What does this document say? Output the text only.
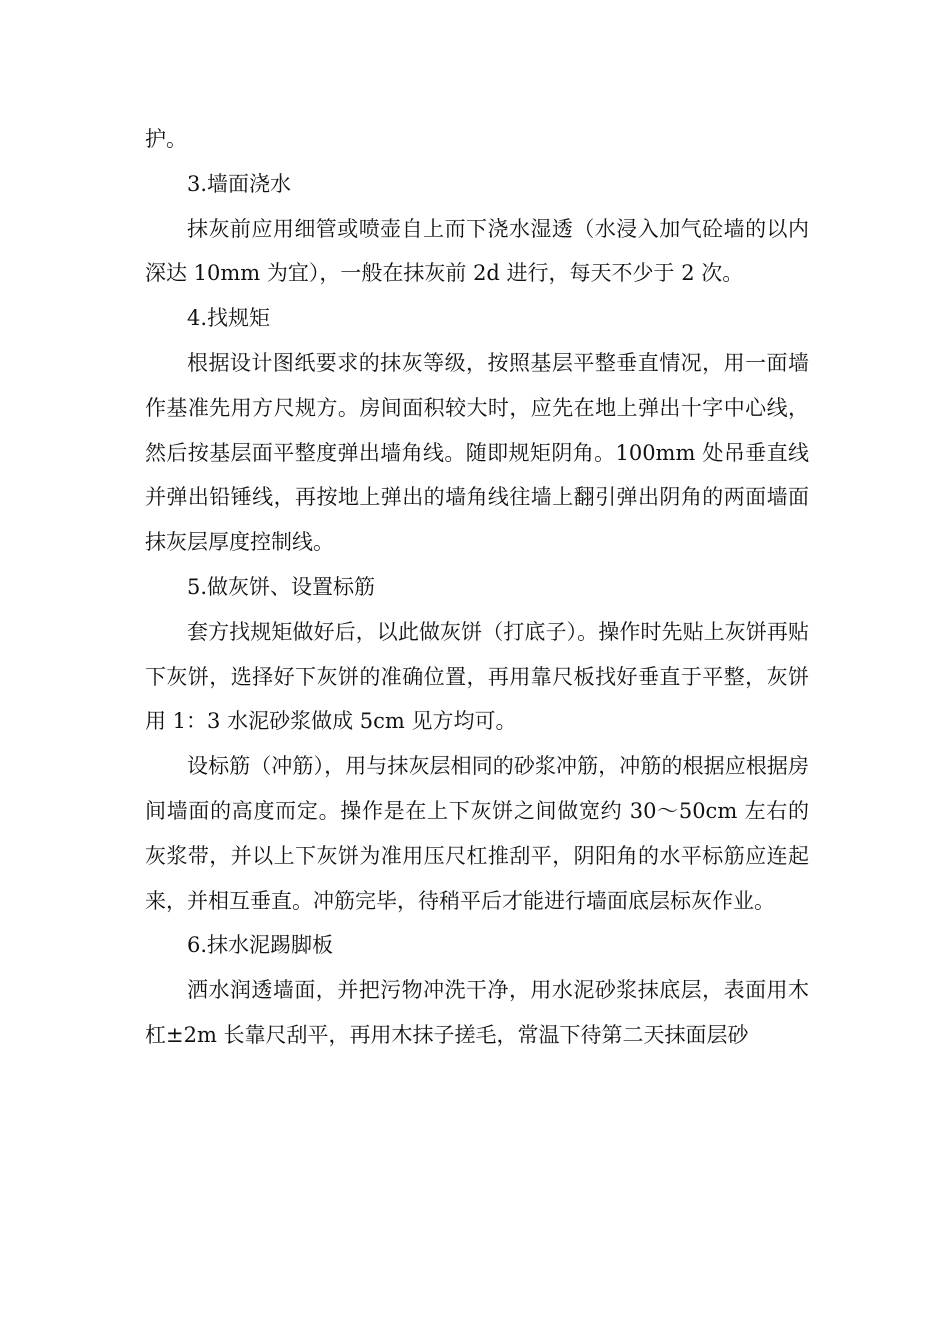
护。

3.墙面浇水

抹灰前应用细管或喷壶自上而下浇水湿透（水浸入加气砼墙的以内深达 10mm 为宜），一般在抹灰前 2d 进行，每天不少于 2 次。

4.找规矩

根据设计图纸要求的抹灰等级，按照基层平整垂直情况，用一面墙作基准先用方尺规方。房间面积较大时，应先在地上弹出十字中心线，然后按基层面平整度弹出墙角线。随即规矩阴角。100mm 处吊垂直线并弹出铅锤线，再按地上弹出的墙角线往墙上翻引弹出阴角的两面墙面抹灰层厚度控制线。

5.做灰饼、设置标筋

套方找规矩做好后，以此做灰饼（打底子）。操作时先贴上灰饼再贴下灰饼，选择好下灰饼的准确位置，再用靠尺板找好垂直于平整，灰饼用 1：3 水泥砂浆做成 5cm 见方均可。

设标筋（冲筋），用与抹灰层相同的砂浆冲筋，冲筋的根据应根据房间墙面的高度而定。操作是在上下灰饼之间做宽约 30～50cm 左右的灰浆带，并以上下灰饼为准用压尺杠推刮平，阴阳角的水平标筋应连起来，并相互垂直。冲筋完毕，待稍平后才能进行墙面底层标灰作业。

6.抹水泥踢脚板

洒水润透墙面，并把污物冲洗干净，用水泥砂浆抹底层，表面用木杠±2m 长靠尺刮平，再用木抹子搓毛，常温下待第二天抹面层砂
